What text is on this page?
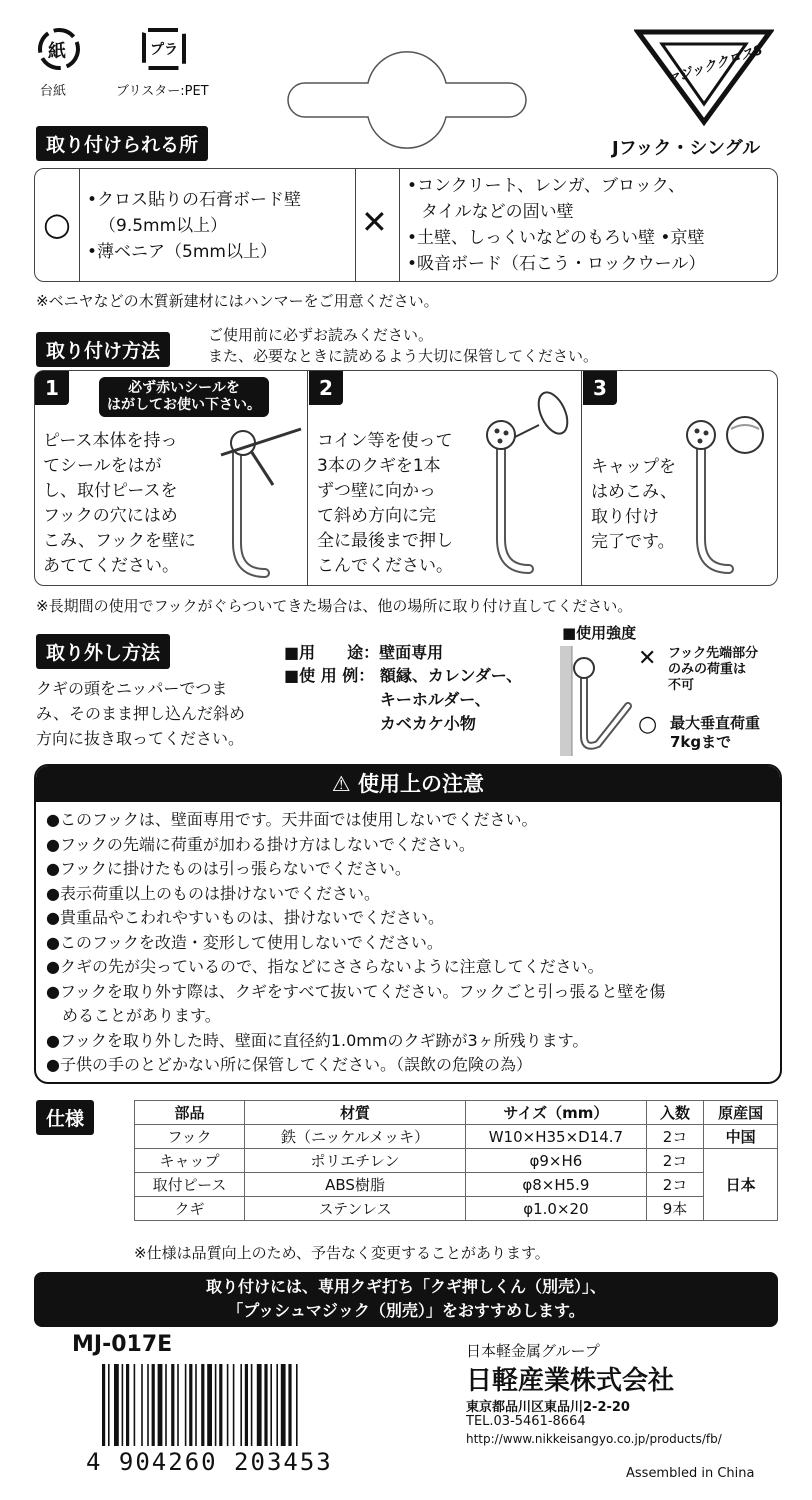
紙
台紙
プラ
ブリスター:PET
マジッククロス8
Jフック・シングル
取り付けられる所
○
•クロス貼りの石膏ボード壁
（9.5mm以上）
•薄ベニア（5mm以上）
✕
•コンクリート、レンガ、ブロック、
タイルなどの固い壁
•土壁、しっくいなどのもろい壁 •京壁
•吸音ボード（石こう・ロックウール）
※ベニヤなどの木質新建材にはハンマーをご用意ください。
取り付け方法
ご使用前に必ずお読みください。
また、必要なときに読めるよう大切に保管してください。
1	必ず赤いシールを
はがしてお使い下さい。
ピース本体を持っ
てシールをはが
し、取付ピースを
フックの穴にはめ
こみ、フックを壁に
あててください。
2
コイン等を使って
3本のクギを1本
ずつ壁に向かっ
て斜め方向に完
全に最後まで押し
こんでください。
3
キャップを
はめこみ、
取り付け
完了です。
※長期間の使用でフックがぐらついてきた場合は、他の場所に取り付け直してください。
取り外し方法
クギの頭をニッパーでつま
み、そのまま押し込んだ斜め
方向に抜き取ってください。
■用　　途：壁面専用
■使 用 例： 額縁、カレンダー、
キーホルダー、
カベカケ小物
■使用強度
✕ フック先端部分
のみの荷重は
不可
○ 最大垂直荷重
7kgまで
⚠ 使用上の注意
●このフックは、壁面専用です。天井面では使用しないでください。
●フックの先端に荷重が加わる掛け方はしないでください。
●フックに掛けたものは引っ張らないでください。
●表示荷重以上のものは掛けないでください。
●貴重品やこわれやすいものは、掛けないでください。
●このフックを改造・変形して使用しないでください。
●クギの先が尖っているので、指などにささらないように注意してください。
●フックを取り外す際は、クギをすべて抜いてください。フックごと引っ張ると壁を傷
めることがあります。
●フックを取り外した時、壁面に直径約1.0mmのクギ跡が3ヶ所残ります。
●子供の手のとどかない所に保管してください。（誤飲の危険の為）
仕様	部品	材質	サイズ（mm）	入数	原産国
フック	鉄（ニッケルメッキ）	W10×H35×D14.7	2コ	中国
キャップ	ポリエチレン	φ9×H6	2コ	日本
取付ピース	ABS樹脂	φ8×H5.9	2コ	
クギ	ステンレス	φ1.0×20	9本	
※仕様は品質向上のため、予告なく変更することがあります。
取り付けには、専用クギ打ち「クギ押しくん（別売）」、
「プッシュマジック（別売）」をおすすめします。
MJ-017E
4 904260 203453
日本軽金属グループ
日軽産業株式会社
東京都品川区東品川2-2-20
TEL.03-5461-8664
http://www.nikkeisangyo.co.jp/products/fb/
Assembled in China
